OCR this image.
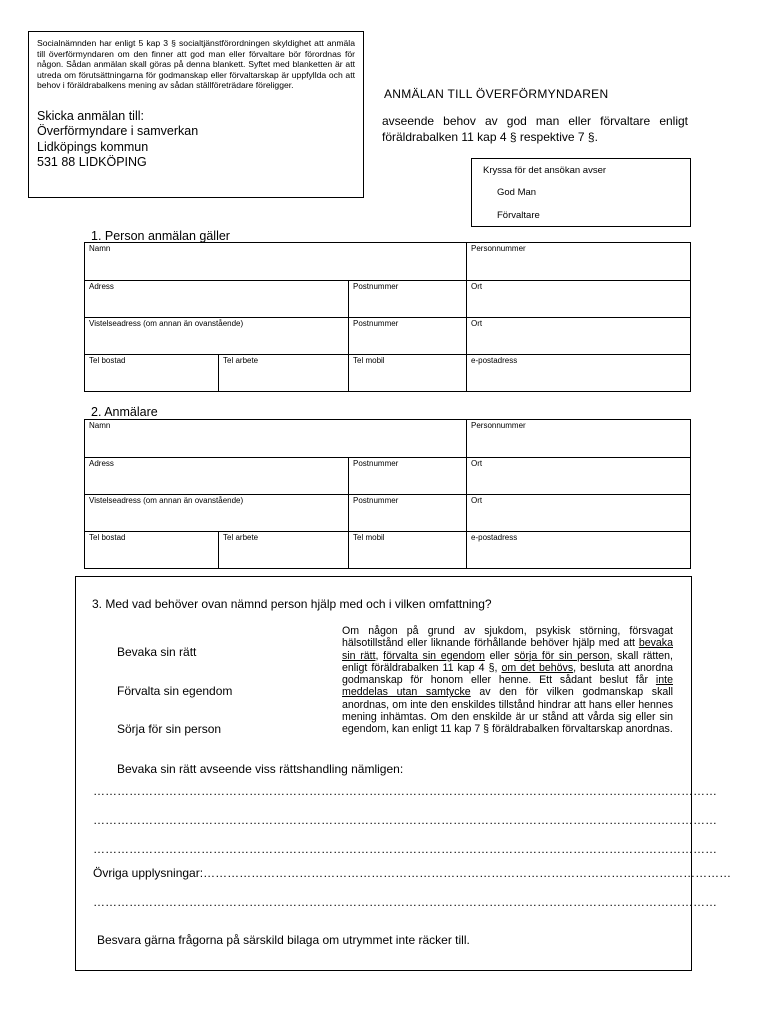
Socialnämnden har enligt 5 kap 3 § socialtjänstförordningen skyldighet att anmäla till överförmyndaren om den finner att god man eller förvaltare bör förordnas för någon. Sådan anmälan skall göras på denna blankett. Syftet med blanketten är att utreda om förutsättningarna för godmanskap eller förvaltarskap är uppfyllda och att behov i föräldrabalkens mening av sådan ställföreträdare föreligger.
Skicka anmälan till:
Överförmyndare i samverkan
Lidköpings kommun
531 88 LIDKÖPING
ANMÄLAN TILL ÖVERFÖRMYNDAREN
avseende behov av god man eller förvaltare enligt föräldrabalken 11 kap 4 § respektive 7 §.
Kryssa för det ansökan avser
God Man
Förvaltare
1. Person anmälan gäller
Namn	Personnummer
Adress	Postnummer	Ort
Vistelseadress (om annan än ovanstående)	Postnummer	Ort
Tel bostad	Tel arbete	Tel mobil	e-postadress
2. Anmälare
Namn	Personnummer
Adress	Postnummer	Ort
Vistelseadress (om annan än ovanstående)	Postnummer	Ort
Tel bostad	Tel arbete	Tel mobil	e-postadress
3. Med vad behöver ovan nämnd person hjälp med och i vilken omfattning?
Bevaka sin rätt
Förvalta sin egendom
Sörja för sin person
Om någon på grund av sjukdom, psykisk störning, försvagat hälsotillstånd eller liknande förhållande behöver hjälp med att bevaka sin rätt, förvalta sin egendom eller sörja för sin person, skall rätten, enligt föräldrabalken 11 kap 4 §, om det behövs, besluta att anordna godmanskap för honom eller henne. Ett sådant beslut får inte meddelas utan samtycke av den för vilken godmanskap skall anordnas, om inte den enskildes tillstånd hindrar att hans eller hennes mening inhämtas. Om den enskilde är ur stånd att vårda sig eller sin egendom, kan enligt 11 kap 7 § föräldrabalken förvaltarskap anordnas.
Bevaka sin rätt avseende viss rättshandling nämligen:
…………………………………………………………………………………………………………………………………………
…………………………………………………………………………………………………………………………………………
…………………………………………………………………………………………………………………………………………
Övriga upplysningar:……………………………………………………………………………………………………………………
…………………………………………………………………………………………………………………………………………
Besvara gärna frågorna på särskild bilaga om utrymmet inte räcker till.
